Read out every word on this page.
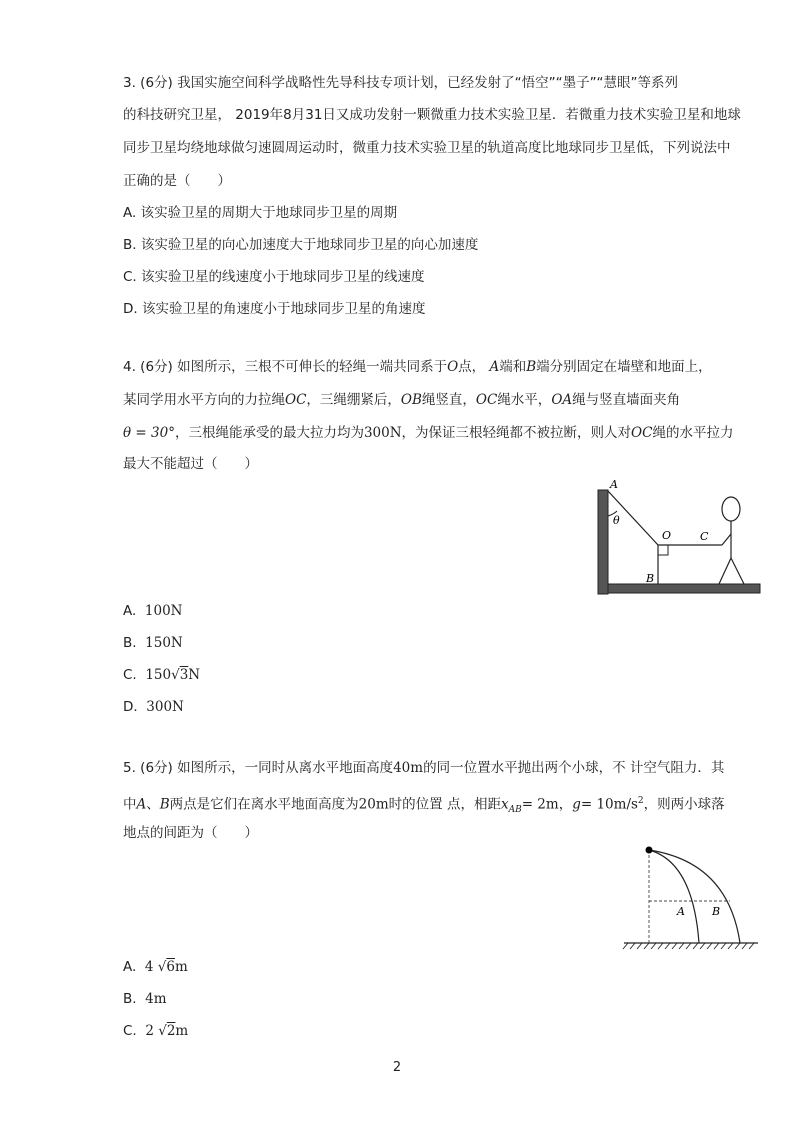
3. (6分) 我国实施空间科学战略性先导科技专项计划，已经发射了“悟空”“墨子”“慧眼”等系列
的科技研究卫星， 2019年8月31日又成功发射一颗微重力技术实验卫星．若微重力技术实验卫星和地球
同步卫星均绕地球做匀速圆周运动时，微重力技术实验卫星的轨道高度比地球同步卫星低，下列说法中
正确的是（　　）
A. 该实验卫星的周期大于地球同步卫星的周期
B. 该实验卫星的向心加速度大于地球同步卫星的向心加速度
C. 该实验卫星的线速度小于地球同步卫星的线速度
D. 该实验卫星的角速度小于地球同步卫星的角速度
4. (6分) 如图所示，三根不可伸长的轻绳一端共同系于O点， A端和B端分别固定在墙壁和地面上，
某同学用水平方向的力拉绳OC，三绳绷紧后，OB绳竖直，OC绳水平，OA绳与竖直墙面夹角
θ = 30°，三根绳能承受的最大拉力均为300N，为保证三根轻绳都不被拉断，则人对OC绳的水平拉力
最大不能超过（　　）
A
θ
O	C
B
A. 100N
B. 150N
C. 150√3N
D. 300N
5. (6分) 如图所示，一同时从离水平地面高度40m的同一位置水平抛出两个小球，不 计空气阻力．其
中A、B两点是它们在离水平地面高度为20m时的位置 点，相距$x_{AB}= 2m$，$g= 10m/s^2$，则两小球落
地点的间距为（　　）
A B
A. 4 √6m
B. 4m
C. 2 √2m
2
